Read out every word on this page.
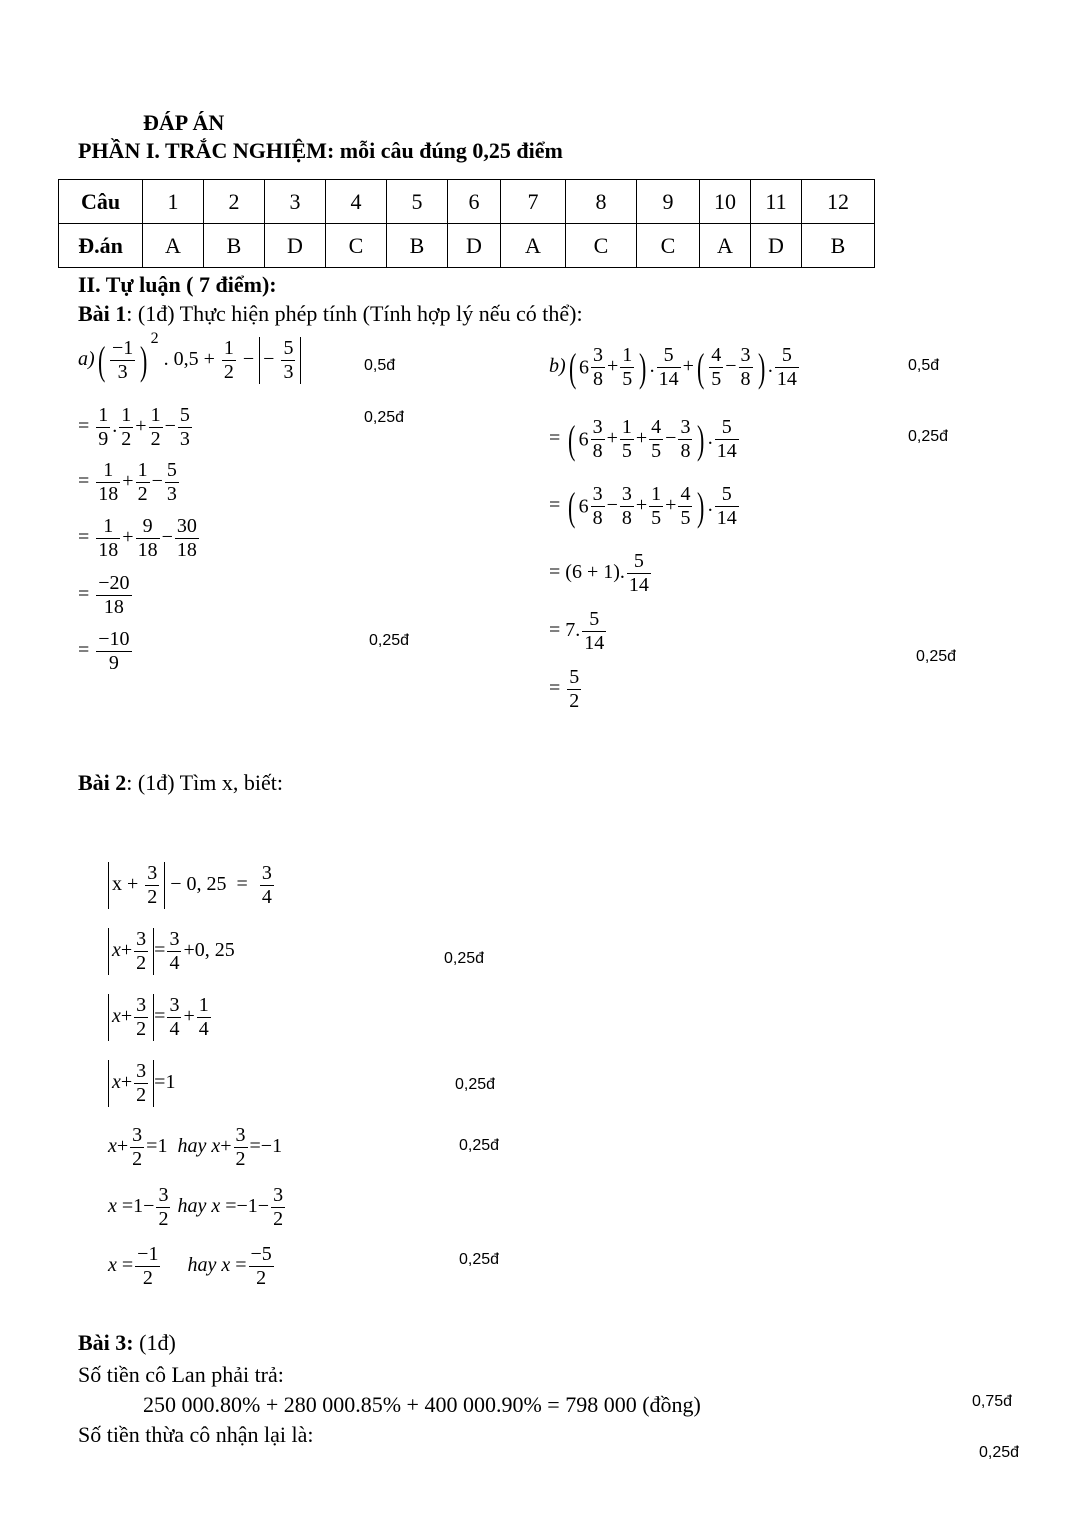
ĐÁP ÁN
PHẦN I. TRẮC NGHIỆM: mỗi câu đúng 0,25 điểm
Câu	1	2	3	4	5	6	7	8	9	10	11	12
Đ.án	A	B	D	C	B	D	A	C	C	A	D	B
II. Tự luận ( 7 điểm):
Bài 1: (1đ) Thực hiện phép tính (Tính hợp lý nếu có thể):
$a)( \frac{-1}{3}$ ) $^2$ . $0,5 + \frac{1}{2}$ − − $\frac{5}{3}$
= $\frac{1}{9}$ . $\frac{1}{2} + \frac{1}{2} - \frac{5}{3}$
= $\frac{1}{18} + \frac{1}{2} - \frac{5}{3}$
= $\frac{1}{18} + \frac{9}{18} - \frac{30}{18}$
= $\frac{-20}{18}$
= $\frac{-10}{9}$
0,5đ
0,25đ
0,25đ
b)( $6 \frac{3}{8} + \frac{1}{5}$ ) . $\frac{5}{14}$ +( $\frac{4}{5} - \frac{3}{8}$ ) . $\frac{5}{14}$
= ( $6 \frac{3}{8} + \frac{1}{5} + \frac{4}{5} - \frac{3}{8}$ ) . $\frac{5}{14}$
= ( $6 \frac{3}{8} - \frac{3}{8} + \frac{1}{5} + \frac{4}{5}$ ) . $\frac{5}{14}$
= (6 + 1). $\frac{5}{14}$
= 7. $\frac{5}{14}$
= $\frac{5}{2}$
0,5đ
0,25đ
0,25đ
Bài 2: (1đ) Tìm x, biết:
$x + \frac{3}{2} - 0$, $25 = \frac{3}{4}$
$x+ \frac{3}{2} = \frac{3}{4} +0$, 25
$x+ \frac{3}{2} = \frac{3}{4} + \frac{1}{4}$
$x+ \frac{3}{2} =1$
$x+ \frac{3}{2} =1$  hay $x+ \frac{3}{2} =-1$
$x =1- \frac{3}{2}$ hay $x =-1- \frac{3}{2}$
$x = \frac{-1}{2}$ hay $x = \frac{-5}{2}$
0,25đ
0,25đ
0,25đ
0,25đ
Bài 3: (1đ)
Số tiền cô Lan phải trả:
250 000.80% + 280 000.85% + 400 000.90% = 798 000 (đồng)
Số tiền thừa cô nhận lại là:
0,75đ
0,25đ
